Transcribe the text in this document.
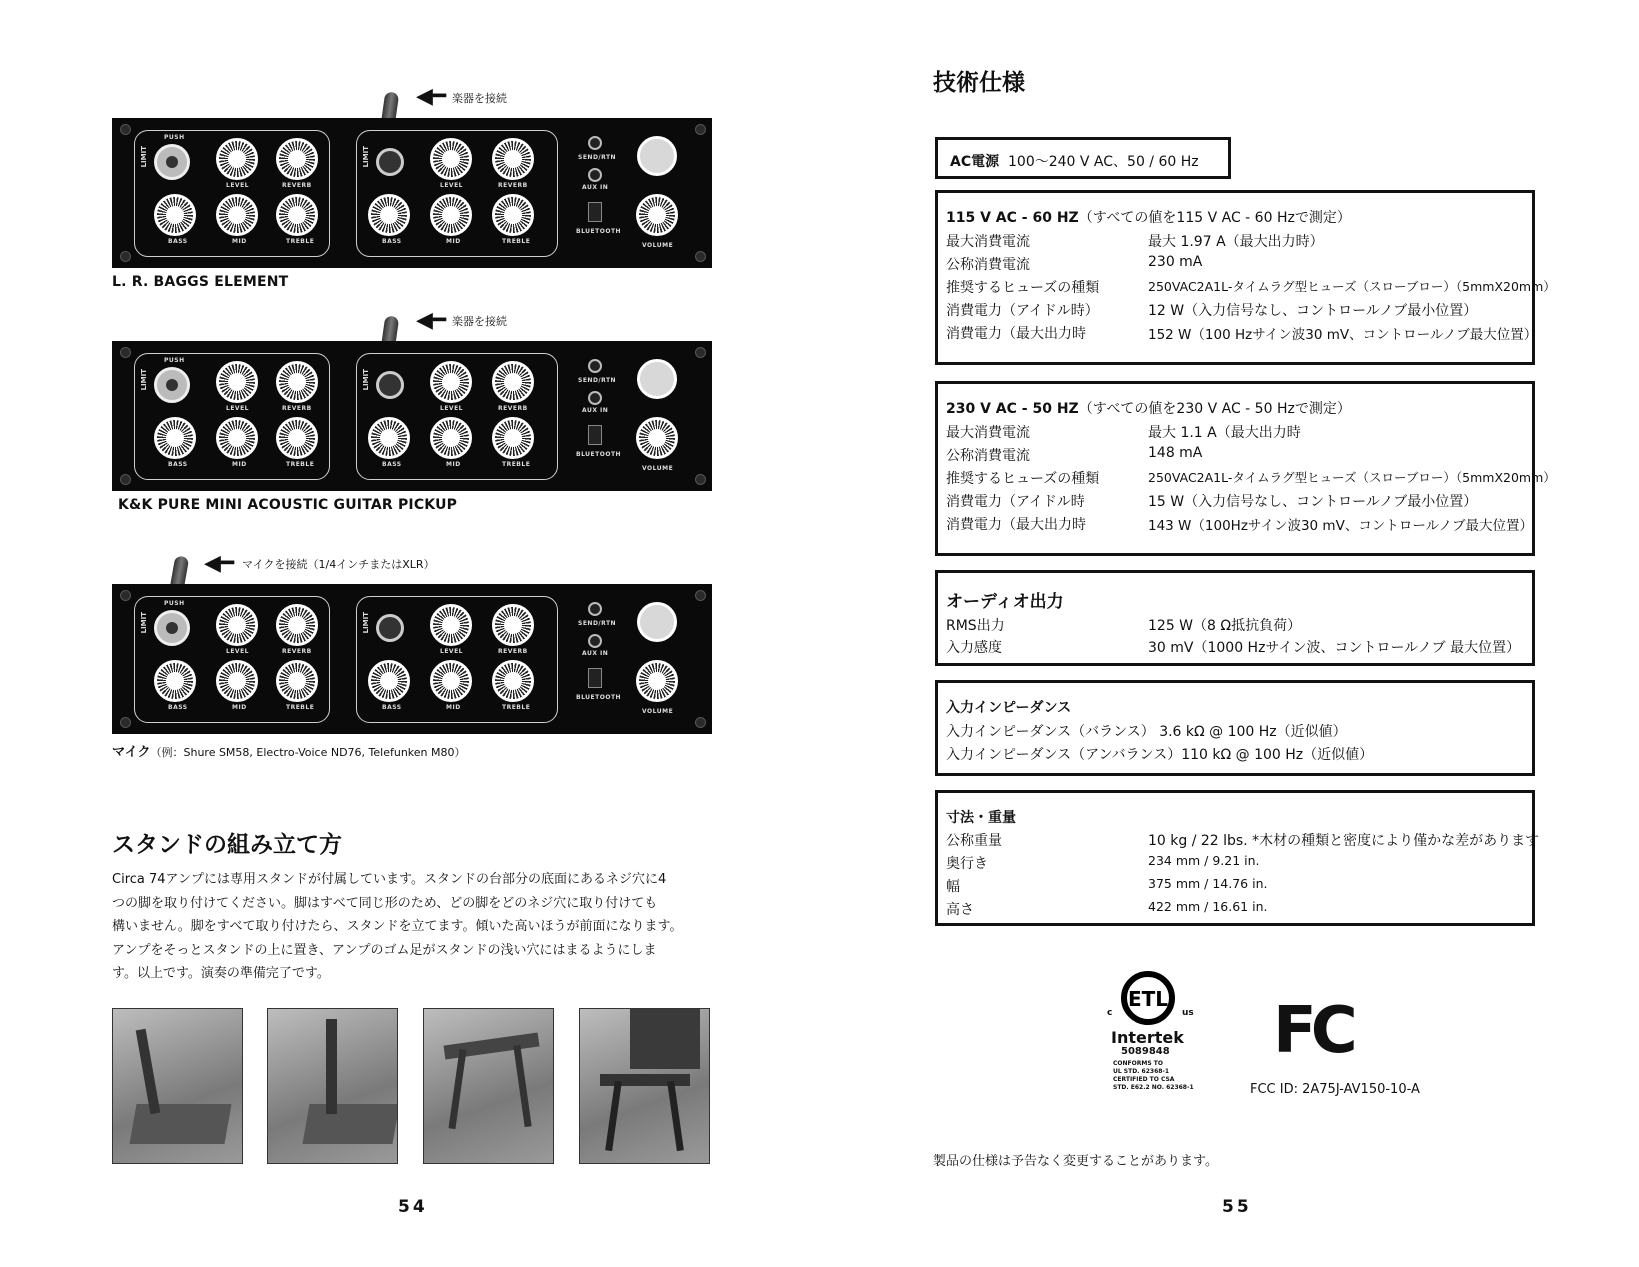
◀━ 楽器を接続
LIMIT
PUSH
LEVEL	REVERB
BASS	MID	TREBLE
LIMIT
LEVEL	REVERB
BASS	MID	TREBLE
SEND/RTN
AUX IN
BLUETOOTH
VOLUME
L. R. BAGGS ELEMENT
◀━ 楽器を接続
LIMIT
PUSH
LEVEL	REVERB
BASS	MID	TREBLE
LIMIT
LEVEL	REVERB
BASS	MID	TREBLE
SEND/RTN
AUX IN
BLUETOOTH
VOLUME
K&K PURE MINI ACOUSTIC GUITAR PICKUP
◀━ マイクを接続（1/4インチまたはXLR）
LIMIT
PUSH
LEVEL	REVERB
BASS	MID	TREBLE
LIMIT
LEVEL	REVERB
BASS	MID	TREBLE
SEND/RTN
AUX IN
BLUETOOTH
VOLUME
マイク（例：Shure SM58, Electro-Voice ND76, Telefunken M80）
スタンドの組み立て方
Circa 74アンプには専用スタンドが付属しています。スタンドの台部分の底面にあるネジ穴に4
つの脚を取り付けてください。脚はすべて同じ形のため、どの脚をどのネジ穴に取り付けても
構いません。脚をすべて取り付けたら、スタンドを立てます。傾いた高いほうが前面になります。
アンプをそっとスタンドの上に置き、アンプのゴム足がスタンドの浅い穴にはまるようにしま
す。以上です。演奏の準備完了です。
54
技術仕様
AC電源 100〜240 V AC、50 / 60 Hz
115 V AC - 60 HZ（すべての値を115 V AC - 60 Hzで測定）
最大消費電流	最大 1.97 A（最大出力時）
公称消費電流	230 mA
推奨するヒューズの種類	250VAC2A1L-タイムラグ型ヒューズ（スローブロー）（5mmX20mm）
消費電力（アイドル時）	12 W（入力信号なし、コントロールノブ最小位置）
消費電力（最大出力時	152 W（100 Hzサイン波30 mV、コントロールノブ最大位置）
230 V AC - 50 HZ（すべての値を230 V AC - 50 Hzで測定）
最大消費電流	最大 1.1 A（最大出力時
公称消費電流	148 mA
推奨するヒューズの種類	250VAC2A1L-タイムラグ型ヒューズ（スローブロー）（5mmX20mm）
消費電力（アイドル時	15 W（入力信号なし、コントロールノブ最小位置）
消費電力（最大出力時	143 W（100Hzサイン波30 mV、コントロールノブ最大位置）
オーディオ出力
RMS出力	125 W（8 Ω抵抗負荷）
入力感度	30 mV（1000 Hzサイン波、コントロールノブ 最大位置）
入力インピーダンス
入力インピーダンス（バランス） 3.6 kΩ @ 100 Hz（近似値）
入力インピーダンス（アンバランス）110 kΩ @ 100 Hz（近似値）
寸法・重量
公称重量	10 kg / 22 lbs. *木材の種類と密度により僅かな差があります
奥行き	234 mm / 9.21 in.
幅	375 mm / 14.76 in.
高さ	422 mm / 16.61 in.
ETL
c	us
Intertek
5089848
CONFORMS TO
UL STD. 62368-1
CERTIFIED TO CSA
STD. E62.2 NO. 62368-1
FC
FCC ID: 2A75J-AV150-10-A
製品の仕様は予告なく変更することがあります。
55
